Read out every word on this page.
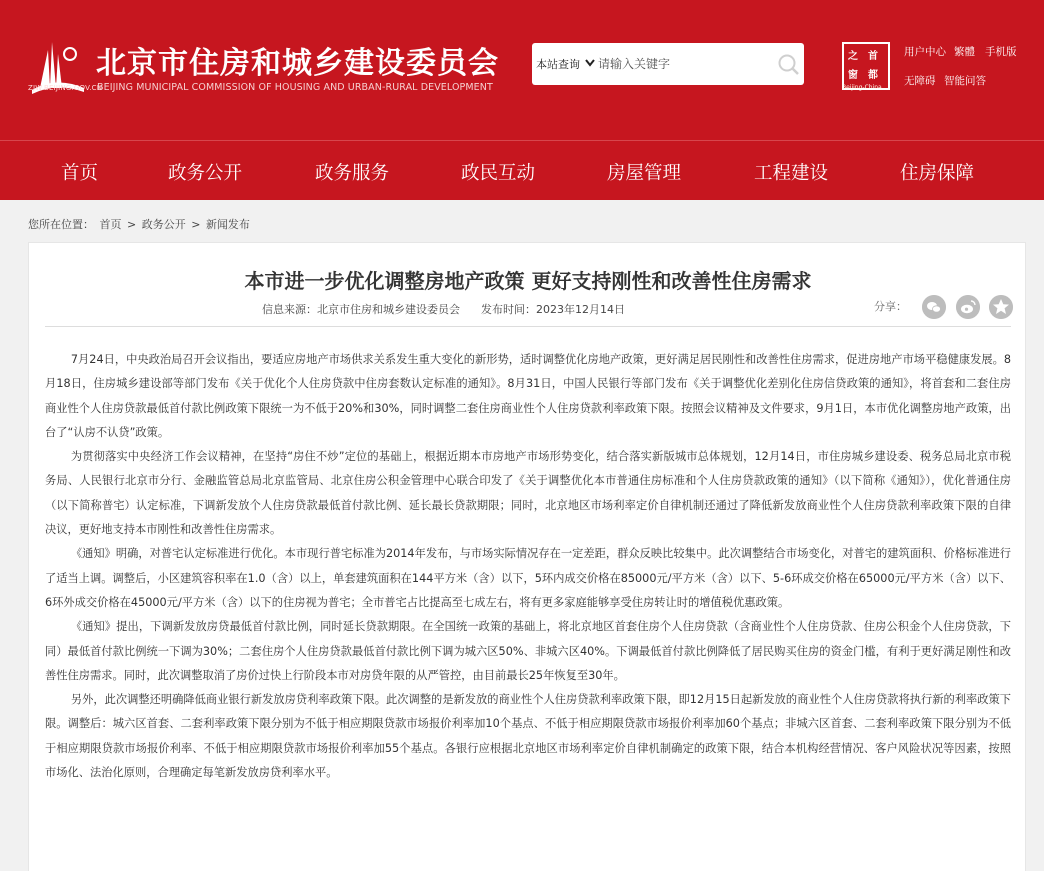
ZJW.BEIJING.GOV.CN
北京市住房和城乡建设委员会
BEIJING MUNICIPAL COMMISSION OF HOUSING AND URBAN-RURAL DEVELOPMENT
本站查询
请输入关键字
首
之
都
窗
Beijing-China
用户中心 繁體 手机版
无障碍 智能问答
首页	政务公开	政务服务	政民互动	房屋管理	工程建设	住房保障
您所在位置： 首页 > 政务公开 > 新闻发布
本市进一步优化调整房地产政策 更好支持刚性和改善性住房需求
信息来源：北京市住房和城乡建设委员会 发布时间：2023年12月14日	分享：

7月24日，中央政治局召开会议指出，要适应房地产市场供求关系发生重大变化的新形势，适时调整优化房地产政策，更好满足居民刚性和改善性住房需求，促进房地产市场平稳健康发展。8月18日，住房城乡建设部等部门发布《关于优化个人住房贷款中住房套数认定标准的通知》。8月31日，中国人民银行等部门发布《关于调整优化差别化住房信贷政策的通知》，将首套和二套住房商业性个人住房贷款最低首付款比例政策下限统一为不低于20%和30%，同时调整二套住房商业性个人住房贷款利率政策下限。按照会议精神及文件要求，9月1日，本市优化调整房地产政策，出台了“认房不认贷”政策。

为贯彻落实中央经济工作会议精神，在坚持“房住不炒”定位的基础上，根据近期本市房地产市场形势变化，结合落实新版城市总体规划，12月14日，市住房城乡建设委、税务总局北京市税务局、人民银行北京市分行、金融监管总局北京监管局、北京住房公积金管理中心联合印发了《关于调整优化本市普通住房标准和个人住房贷款政策的通知》（以下简称《通知》），优化普通住房（以下简称普宅）认定标准，下调新发放个人住房贷款最低首付款比例、延长最长贷款期限；同时，北京地区市场利率定价自律机制还通过了降低新发放商业性个人住房贷款利率政策下限的自律决议，更好地支持本市刚性和改善性住房需求。

《通知》明确，对普宅认定标准进行优化。本市现行普宅标准为2014年发布，与市场实际情况存在一定差距，群众反映比较集中。此次调整结合市场变化，对普宅的建筑面积、价格标准进行了适当上调。调整后，小区建筑容积率在1.0（含）以上，单套建筑面积在144平方米（含）以下，5环内成交价格在85000元/平方米（含）以下、5-6环成交价格在65000元/平方米（含）以下、6环外成交价格在45000元/平方米（含）以下的住房视为普宅；全市普宅占比提高至七成左右，将有更多家庭能够享受住房转让时的增值税优惠政策。

《通知》提出，下调新发放房贷最低首付款比例，同时延长贷款期限。在全国统一政策的基础上，将北京地区首套住房个人住房贷款（含商业性个人住房贷款、住房公积金个人住房贷款，下同）最低首付款比例统一下调为30%；二套住房个人住房贷款最低首付款比例下调为城六区50%、非城六区40%。下调最低首付款比例降低了居民购买住房的资金门槛，有利于更好满足刚性和改善性住房需求。同时，此次调整取消了房价过快上行阶段本市对房贷年限的从严管控，由目前最长25年恢复至30年。

另外，此次调整还明确降低商业银行新发放房贷利率政策下限。此次调整的是新发放的商业性个人住房贷款利率政策下限，即12月15日起新发放的商业性个人住房贷款将执行新的利率政策下限。调整后：城六区首套、二套利率政策下限分别为不低于相应期限贷款市场报价利率加10个基点、不低于相应期限贷款市场报价利率加60个基点；非城六区首套、二套利率政策下限分别为不低于相应期限贷款市场报价利率、不低于相应期限贷款市场报价利率加55个基点。各银行应根据北京地区市场利率定价自律机制确定的政策下限，结合本机构经营情况、客户风险状况等因素，按照市场化、法治化原则，合理确定每笔新发放房贷利率水平。
